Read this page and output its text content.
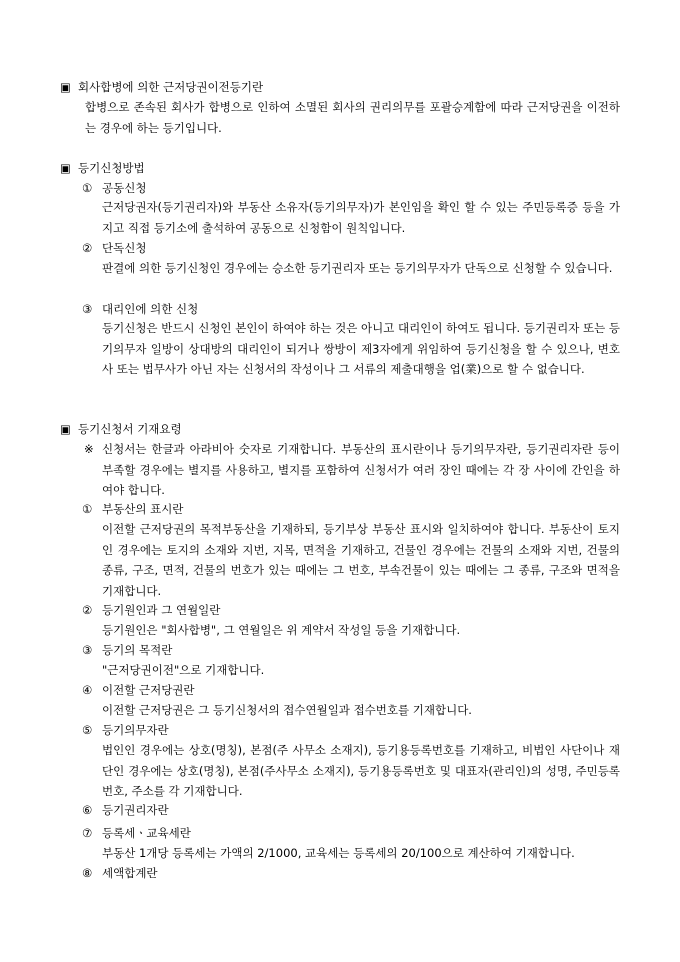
▣ 회사합병에 의한 근저당권이전등기란
합병으로 존속된 회사가 합병으로 인하여 소멸된 회사의 권리의무를 포괄승계함에 따라 근저당권을 이전하는 경우에 하는 등기입니다.
▣ 등기신청방법
① 공동신청
근저당권자(등기권리자)와 부동산 소유자(등기의무자)가 본인임을 확인 할 수 있는 주민등록증 등을 가지고 직접 등기소에 출석하여 공동으로 신청함이 원칙입니다.
② 단독신청
판결에 의한 등기신청인 경우에는 승소한 등기권리자 또는 등기의무자가 단독으로 신청할 수 있습니다.
③ 대리인에 의한 신청
등기신청은 반드시 신청인 본인이 하여야 하는 것은 아니고 대리인이 하여도 됩니다. 등기권리자 또는 등기의무자 일방이 상대방의 대리인이 되거나 쌍방이 제3자에게 위임하여 등기신청을 할 수 있으나, 변호사 또는 법무사가 아닌 자는 신청서의 작성이나 그 서류의 제출대행을 업(業)으로 할 수 없습니다.
▣ 등기신청서 기재요령
※ 신청서는 한글과 아라비아 숫자로 기재합니다. 부동산의 표시란이나 등기의무자란, 등기권리자란 등이 부족할 경우에는 별지를 사용하고, 별지를 포함하여 신청서가 여러 장인 때에는 각 장 사이에 간인을 하여야 합니다.
① 부동산의 표시란
이전할 근저당권의 목적부동산을 기재하되, 등기부상 부동산 표시와 일치하여야 합니다. 부동산이 토지인 경우에는 토지의 소재와 지번, 지목, 면적을 기재하고, 건물인 경우에는 건물의 소재와 지번, 건물의 종류, 구조, 면적, 건물의 번호가 있는 때에는 그 번호, 부속건물이 있는 때에는 그 종류, 구조와 면적을 기재합니다.
② 등기원인과 그 연월일란
등기원인은 "회사합병", 그 연월일은 위 계약서 작성일 등을 기재합니다.
③ 등기의 목적란
"근저당권이전"으로 기재합니다.
④ 이전할 근저당권란
이전할 근저당권은 그 등기신청서의 접수연월일과 접수번호를 기재합니다.
⑤ 등기의무자란
법인인 경우에는 상호(명칭), 본점(주 사무소 소재지), 등기용등록번호를 기재하고, 비법인 사단이나 재단인 경우에는 상호(명칭), 본점(주사무소 소재지), 등기용등록번호 및 대표자(관리인)의 성명, 주민등록번호, 주소를 각 기재합니다.
⑥ 등기권리자란
⑦ 등록세ㆍ교육세란
부동산 1개당 등록세는 가액의 2/1000, 교육세는 등록세의 20/100으로 계산하여 기재합니다.
⑧ 세액합계란
